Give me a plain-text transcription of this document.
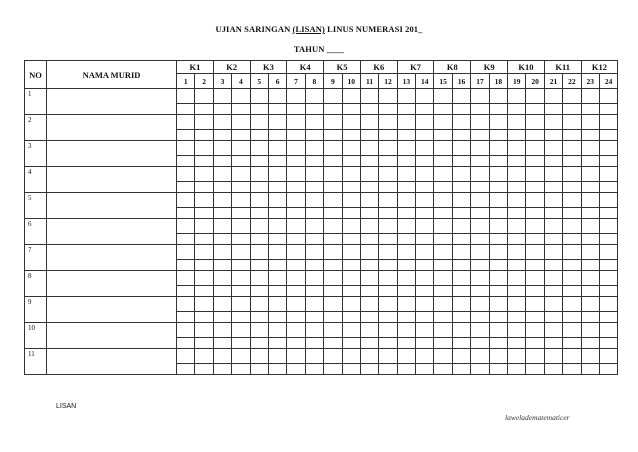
UJIAN SARINGAN (LISAN) LINUS NUMERASI 201_
TAHUN ____
NO	NAMA MURID	K1		K2		K3		K4		K5		K6		K7		K8		K9		K10		K11		K12	
		1	2	3	4	5	6	7	8	9	10	11	12	13	14	15	16	17	18	19	20	21	22	23	24
1																									

2																									

3																									

4																									

5																									

6																									

7																									

8																									

9																									

10																									

11																									

LISAN
laweladematematicer
